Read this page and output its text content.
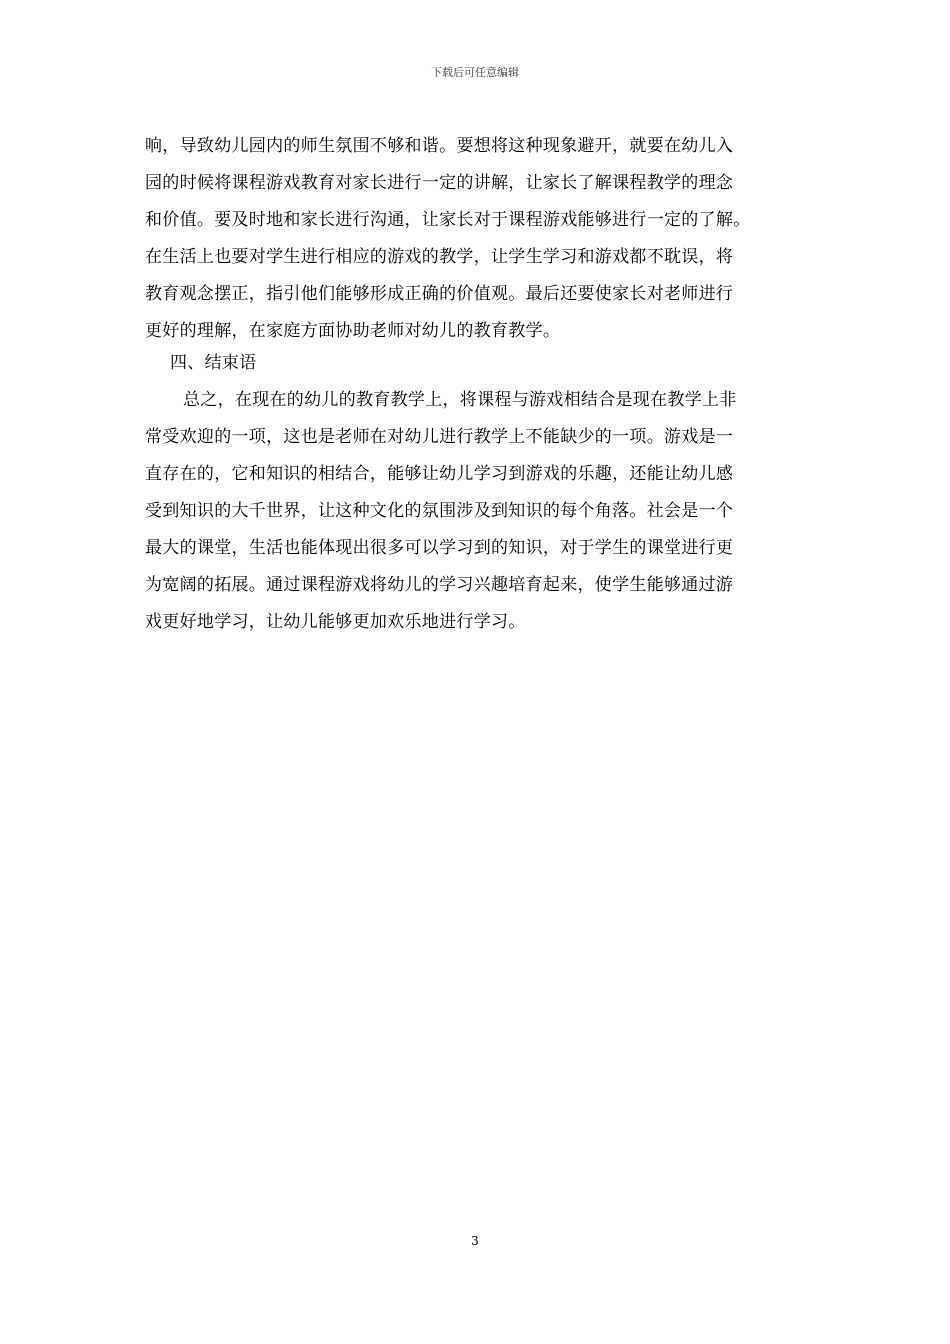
下载后可任意编辑
响，导致幼儿园内的师生氛围不够和谐。要想将这种现象避开，就要在幼儿入
园的时候将课程游戏教育对家长进行一定的讲解，让家长了解课程教学的理念
和价值。要及时地和家长进行沟通，让家长对于课程游戏能够进行一定的了解。
在生活上也要对学生进行相应的游戏的教学，让学生学习和游戏都不耽误，将
教育观念摆正，指引他们能够形成正确的价值观。最后还要使家长对老师进行
更好的理解，在家庭方面协助老师对幼儿的教育教学。
四、结束语
总之，在现在的幼儿的教育教学上，将课程与游戏相结合是现在教学上非
常受欢迎的一项，这也是老师在对幼儿进行教学上不能缺少的一项。游戏是一
直存在的，它和知识的相结合，能够让幼儿学习到游戏的乐趣，还能让幼儿感
受到知识的大千世界，让这种文化的氛围涉及到知识的每个角落。社会是一个
最大的课堂，生活也能体现出很多可以学习到的知识，对于学生的课堂进行更
为宽阔的拓展。通过课程游戏将幼儿的学习兴趣培育起来，使学生能够通过游
戏更好地学习，让幼儿能够更加欢乐地进行学习。
3
